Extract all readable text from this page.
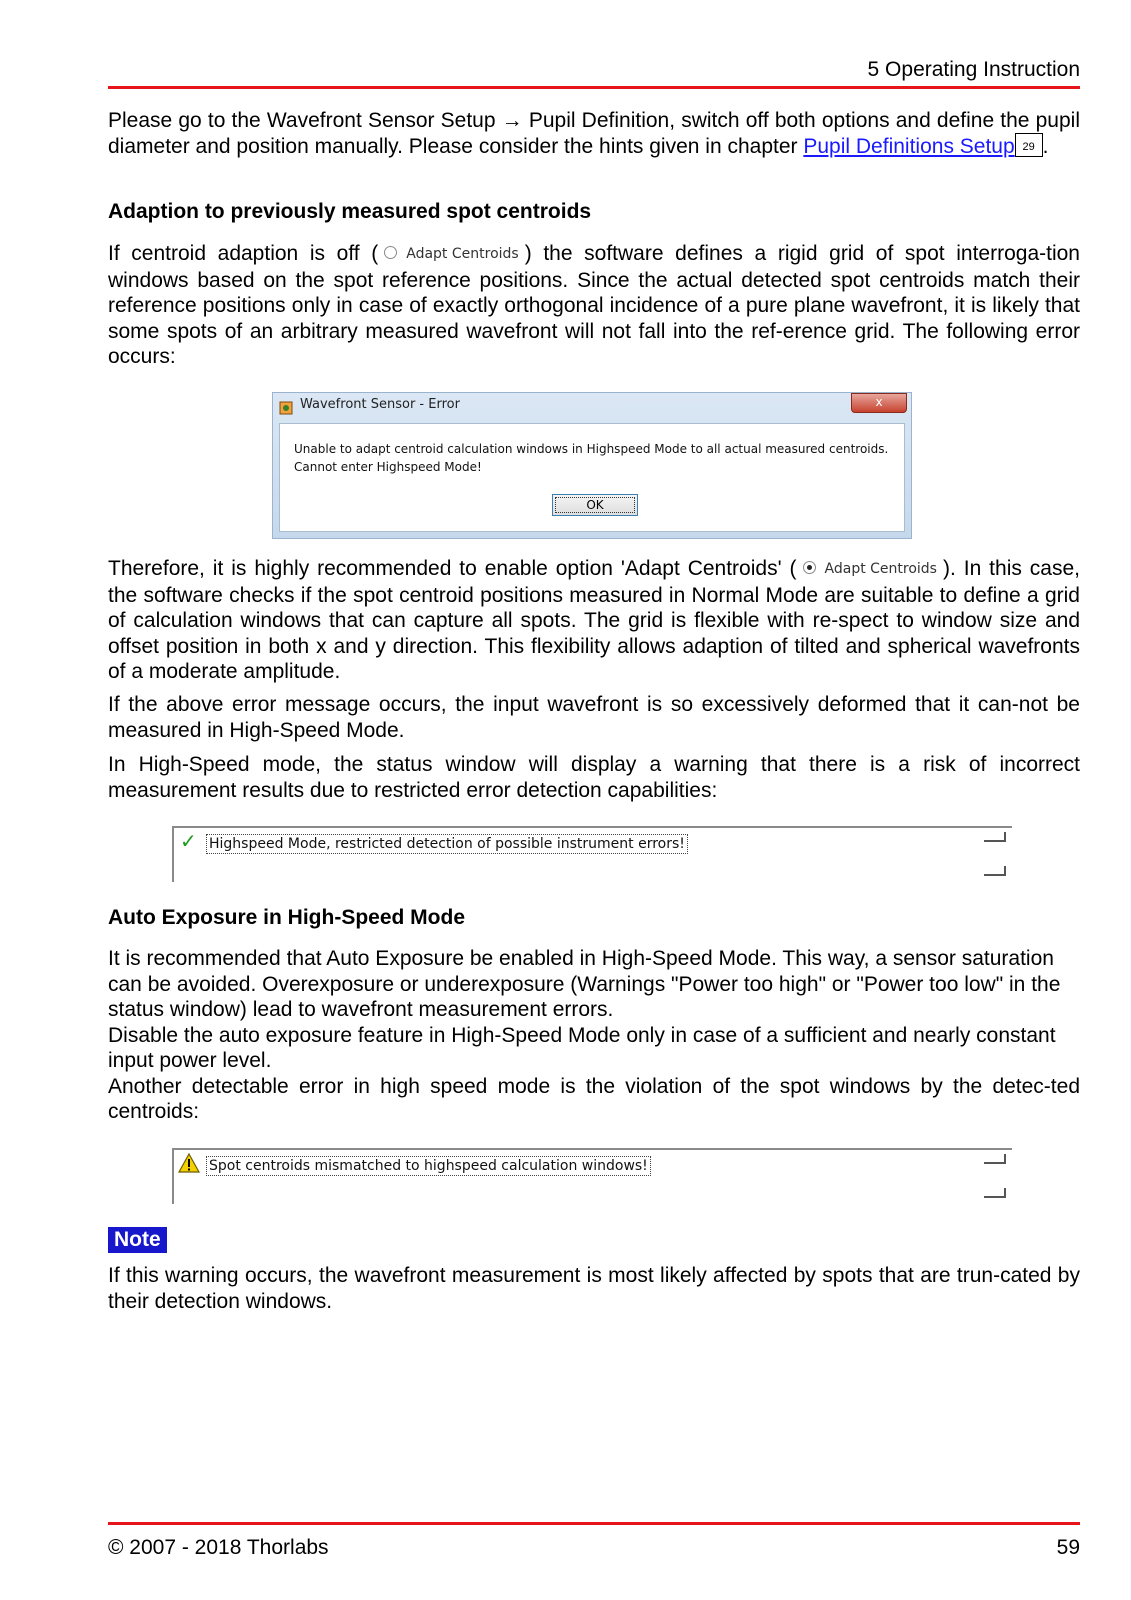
5 Operating Instruction

Please go to the Wavefront Sensor Setup → Pupil Definition, switch off both options and define the pupil diameter and position manually. Please consider the hints given in chapter Pupil Definitions Setup 29 .

Adaption to previously measured spot centroids

If centroid adaption is off ( Adapt Centroids ) the software defines a rigid grid of spot interroga-tion windows based on the spot reference positions. Since the actual detected spot centroids match their reference positions only in case of exactly orthogonal incidence of a pure plane wavefront, it is likely that some spots of an arbitrary measured wavefront will not fall into the ref-erence grid. The following error occurs:

Wavefront Sensor - Error	x
Unable to adapt centroid calculation windows in Highspeed Mode to all actual measured centroids.
Cannot enter Highspeed Mode!
OK

Therefore, it is highly recommended to enable option 'Adapt Centroids' ( Adapt Centroids ). In this case, the software checks if the spot centroid positions measured in Normal Mode are suitable to define a grid of calculation windows that can capture all spots. The grid is flexible with re-spect to window size and offset position in both x and y direction. This flexibility allows adaption of tilted and spherical wavefronts of a moderate amplitude.

If the above error message occurs, the input wavefront is so excessively deformed that it can-not be measured in High-Speed Mode.

In High-Speed mode, the status window will display a warning that there is a risk of incorrect measurement results due to restricted error detection capabilities:

✓ Highspeed Mode, restricted detection of possible instrument errors!
Auto Exposure in High-Speed Mode

It is recommended that Auto Exposure be enabled in High-Speed Mode. This way, a sensor saturation can be avoided. Overexposure or underexposure (Warnings "Power too high" or "Power too low" in the status window) lead to wavefront measurement errors.

Disable the auto exposure feature in High-Speed Mode only in case of a sufficient and nearly constant input power level.

Another detectable error in high speed mode is the violation of the spot windows by the detec-ted centroids:

Spot centroids mismatched to highspeed calculation windows!
Note

If this warning occurs, the wavefront measurement is most likely affected by spots that are trun-cated by their detection windows.

© 2007 - 2018 Thorlabs	59
